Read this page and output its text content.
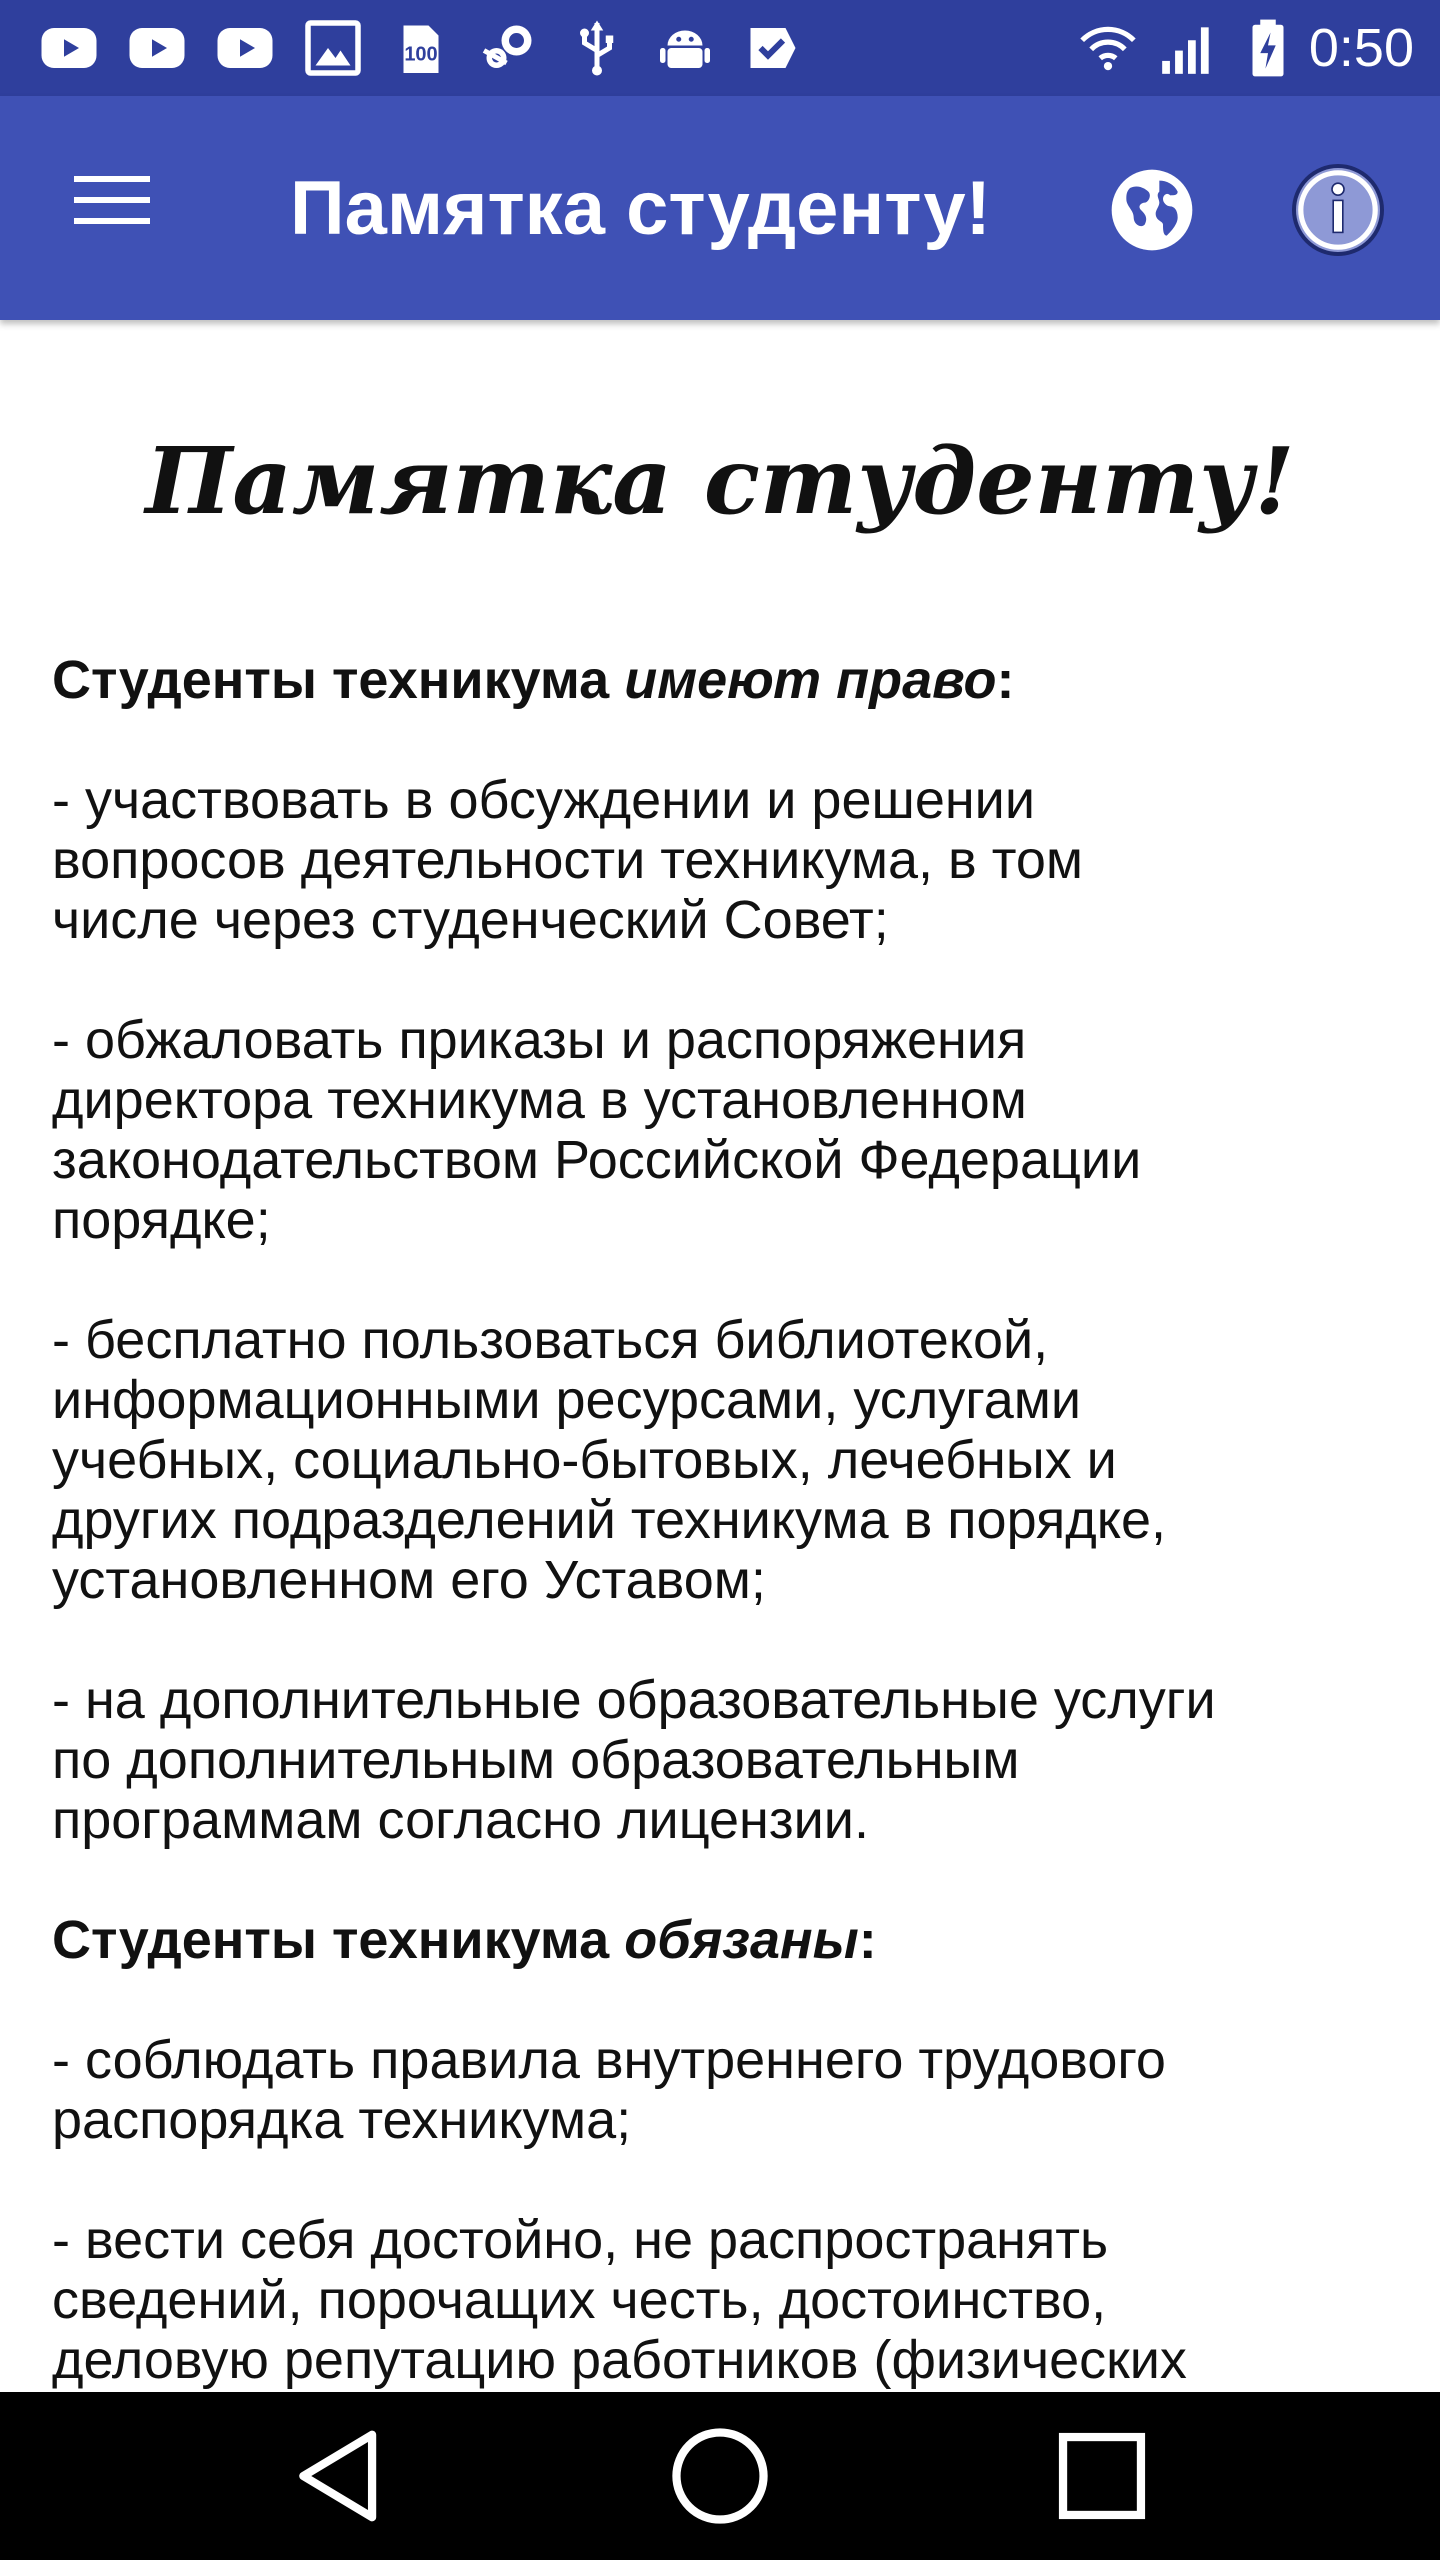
100	0:50
Памятка студенту!
Памятка студенту!

Студенты техникума имеют право:

- участвовать в обсуждении и решении
вопросов деятельности техникума, в том
числе через студенческий Совет;

- обжаловать приказы и распоряжения
директора техникума в установленном
законодательством Российской Федерации
порядке;

- бесплатно пользоваться библиотекой,
информационными ресурсами, услугами
учебных, социально-бытовых, лечебных и
других подразделений техникума в порядке,
установленном его Уставом;

- на дополнительные образовательные услуги
по дополнительным образовательным
программам согласно лицензии.

Студенты техникума обязаны:

- соблюдать правила внутреннего трудового
распорядка техникума;

- вести себя достойно, не распространять
сведений, порочащих честь, достоинство,
деловую репутацию работников (физических
